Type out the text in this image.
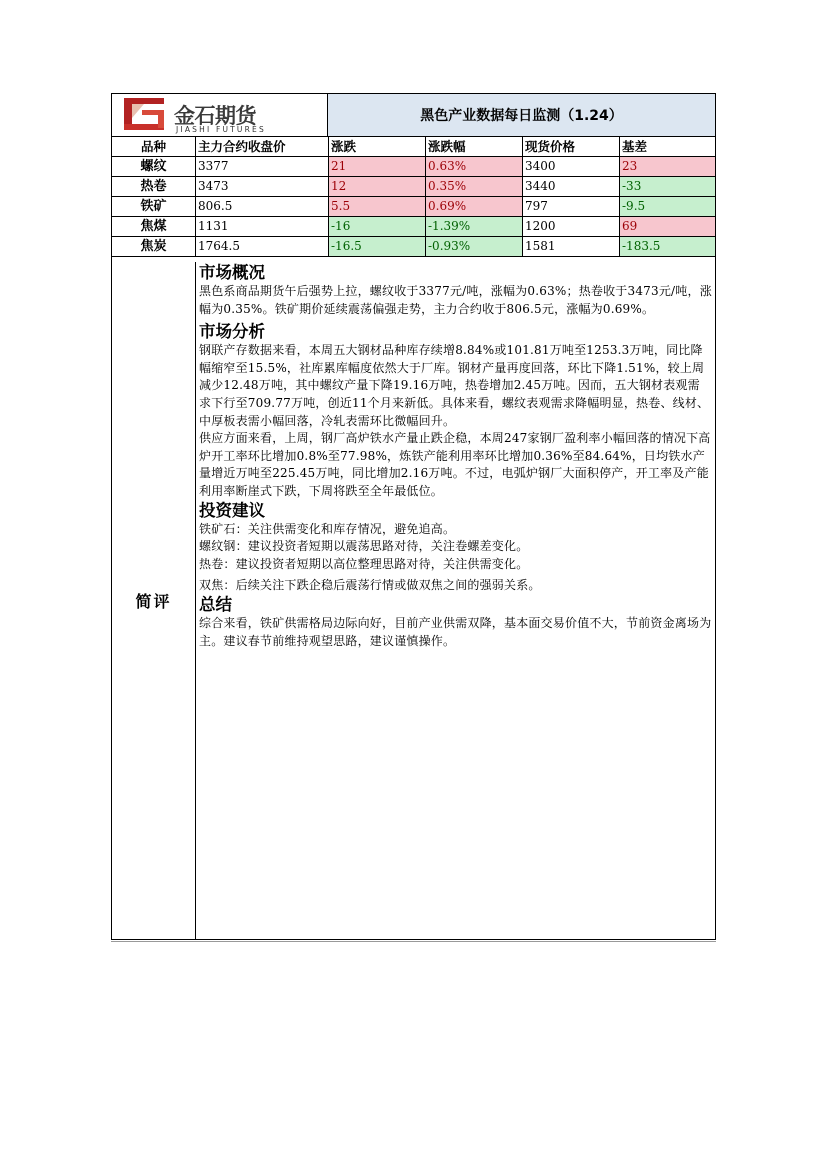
金石期货
JIASHI FUTURES
黑色产业数据每日监测（1.24）
品种	主力合约收盘价	涨跌	涨跌幅	现货价格	基差
螺纹	3377	21	0.63%	3400	23
热卷	3473	12	0.35%	3440	-33
铁矿	806.5	5.5	0.69%	797	-9.5
焦煤	1131	-16	-1.39%	1200	69
焦炭	1764.5	-16.5	-0.93%	1581	-183.5
简评
市场概况

黑色系商品期货午后强势上拉，螺纹收于3377元/吨，涨幅为0.63%；热卷收于3473元/吨，涨幅为0.35%。铁矿期价延续震荡偏强走势，主力合约收于806.5元，涨幅为0.69%。

市场分析

钢联产存数据来看，本周五大钢材品种库存续增8.84%或101.81万吨至1253.3万吨，同比降幅缩窄至15.5%，社库累库幅度依然大于厂库。钢材产量再度回落，环比下降1.51%，较上周减少12.48万吨，其中螺纹产量下降19.16万吨，热卷增加2.45万吨。因而，五大钢材表观需求下行至709.77万吨，创近11个月来新低。具体来看，螺纹表观需求降幅明显，热卷、线材、中厚板表需小幅回落，冷轧表需环比微幅回升。

供应方面来看，上周，钢厂高炉铁水产量止跌企稳，本周247家钢厂盈利率小幅回落的情况下高炉开工率环比增加0.8%至77.98%，炼铁产能利用率环比增加0.36%至84.64%，日均铁水产量增近万吨至225.45万吨，同比增加2.16万吨。不过，电弧炉钢厂大面积停产，开工率及产能利用率断崖式下跌，下周将跌至全年最低位。

投资建议

铁矿石：关注供需变化和库存情况，避免追高。

螺纹钢：建议投资者短期以震荡思路对待，关注卷螺差变化。

热卷：建议投资者短期以高位整理思路对待，关注供需变化。

双焦：后续关注下跌企稳后震荡行情或做双焦之间的强弱关系。

总结

综合来看，铁矿供需格局边际向好，目前产业供需双降，基本面交易价值不大，节前资金离场为主。建议春节前维持观望思路，建议谨慎操作。
